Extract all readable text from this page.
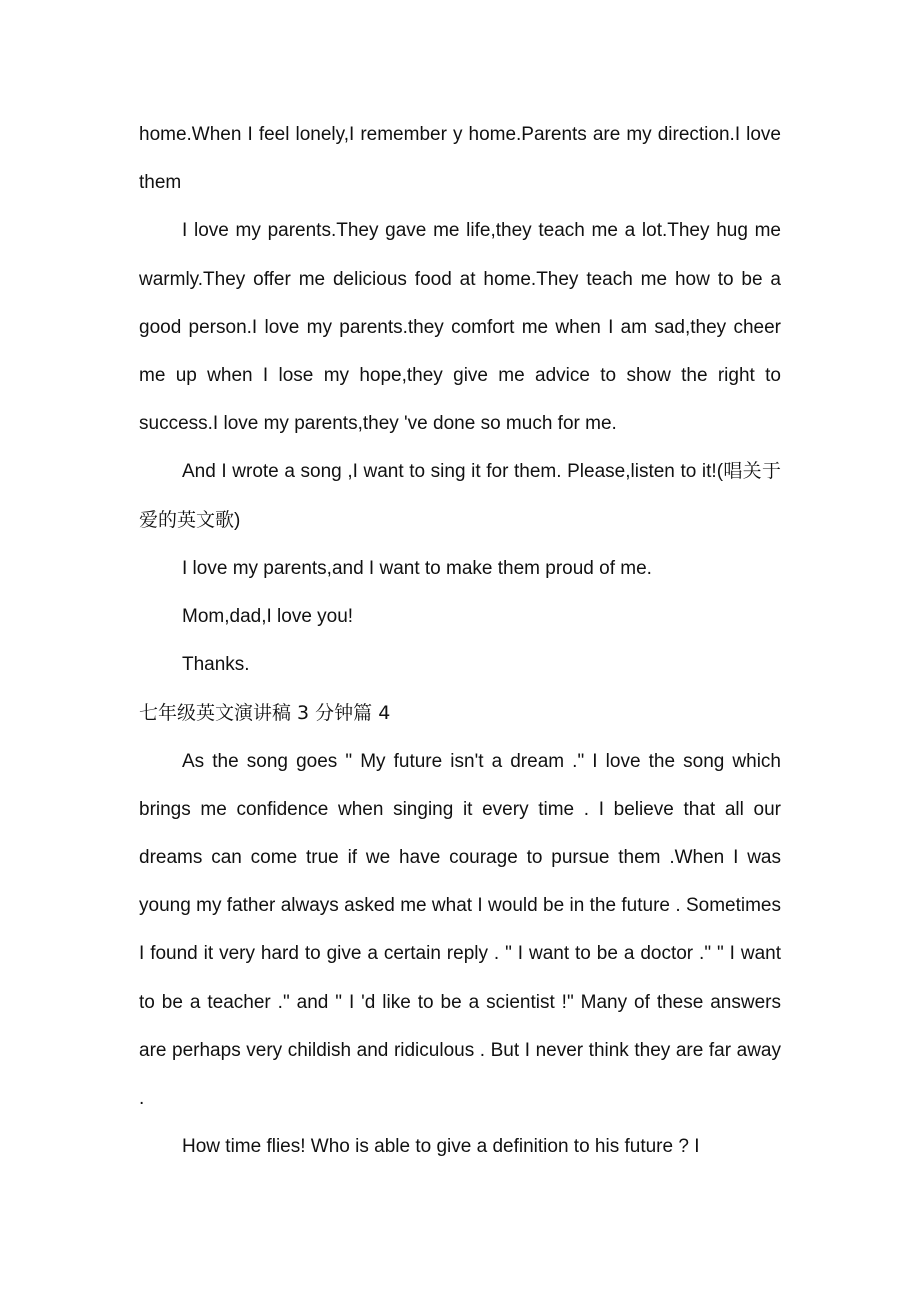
home.When I feel lonely,I remember y home.Parents are my direction.I love them

I love my parents.They gave me life,they teach me a lot.They hug me warmly.They offer me delicious food at home.They teach me how to be a good person.I love my parents.they comfort me when I am sad,they cheer me up when I lose my hope,they give me advice to show the right to success.I love my parents,they 've done so much for me.

And I wrote a song ,I want to sing it for them. Please,listen to it!(唱关于爱的英文歌)

I love my parents,and I want to make them proud of me.

Mom,dad,I love you!

Thanks.

七年级英文演讲稿 3 分钟篇 4

As the song goes " My future isn't a dream ." I love the song which brings me confidence when singing it every time . I believe that all our dreams can come true if we have courage to pursue them .When I was young my father always asked me what I would be in the future . Sometimes I found it very hard to give a certain reply . " I want to be a doctor ." " I want to be a teacher ." and " I 'd like to be a scientist !" Many of these answers are perhaps very childish and ridiculous . But I never think they are far away .

How time flies! Who is able to give a definition to his future ? I
